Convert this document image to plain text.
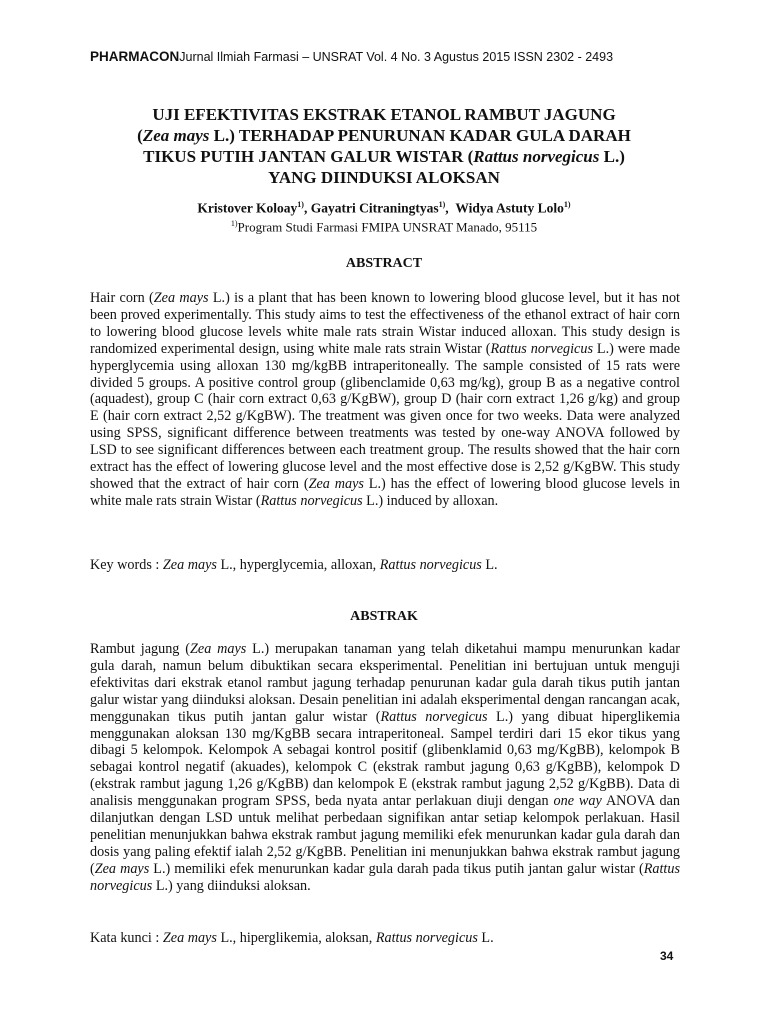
PHARMACONJurnal Ilmiah Farmasi – UNSRAT Vol. 4 No. 3 Agustus 2015 ISSN 2302 - 2493
UJI EFEKTIVITAS EKSTRAK ETANOL RAMBUT JAGUNG
(Zea mays L.) TERHADAP PENURUNAN KADAR GULA DARAH
TIKUS PUTIH JANTAN GALUR WISTAR (Rattus norvegicus L.)
YANG DIINDUKSI ALOKSAN
Kristover Koloay$^{1)}$, Gayatri Citraningtyas$^{1)}$,  Widya Astuty Lolo$^{1)}$
$^{1)}$Program Studi Farmasi FMIPA UNSRAT Manado, 95115
ABSTRACT

Hair corn (Zea mays L.) is a plant that has been known to lowering blood glucose level, but it has not been proved experimentally. This study aims to test the effectiveness of the ethanol extract of hair corn to lowering blood glucose levels white male rats strain Wistar induced alloxan. This study design is randomized experimental design, using white male rats strain Wistar (Rattus norvegicus L.) were made hyperglycemia using alloxan 130 mg/kgBB intraperitoneally. The sample consisted of 15 rats were divided 5 groups. A positive control group (glibenclamide 0,63 mg/kg), group B as a negative control (aquadest), group C (hair corn extract 0,63 g/KgBW), group D (hair corn extract 1,26 g/kg) and group E (hair corn extract 2,52 g/KgBW). The treatment was given once for two weeks. Data were analyzed using SPSS, significant difference between treatments was tested by one-way ANOVA followed by LSD to see significant differences between each treatment group. The results showed that the hair corn extract has the effect of lowering glucose level and the most effective dose is 2,52 g/KgBW. This study showed that the extract of hair corn (Zea mays L.) has the effect of lowering blood glucose levels in white male rats strain Wistar (Rattus norvegicus L.) induced by alloxan.

Key words : Zea mays L., hyperglycemia, alloxan, Rattus norvegicus L.

ABSTRAK

Rambut jagung (Zea mays L.) merupakan tanaman yang telah diketahui mampu menurunkan kadar gula darah, namun belum dibuktikan secara eksperimental. Penelitian ini bertujuan untuk menguji efektivitas dari ekstrak etanol rambut jagung terhadap penurunan kadar gula darah tikus putih jantan galur wistar yang diinduksi aloksan. Desain penelitian ini adalah eksperimental dengan rancangan acak, menggunakan tikus putih jantan galur wistar (Rattus norvegicus L.) yang dibuat hiperglikemia menggunakan aloksan 130 mg/KgBB secara intraperitoneal. Sampel terdiri dari 15 ekor tikus yang dibagi 5 kelompok. Kelompok A sebagai kontrol positif (glibenklamid 0,63 mg/KgBB), kelompok B sebagai kontrol negatif (akuades), kelompok C (ekstrak rambut jagung 0,63 g/KgBB), kelompok D (ekstrak rambut jagung 1,26 g/KgBB) dan kelompok E (ekstrak rambut jagung 2,52 g/KgBB). Data di analisis menggunakan program SPSS, beda nyata antar perlakuan diuji dengan one way ANOVA dan dilanjutkan dengan LSD untuk melihat perbedaan signifikan antar setiap kelompok perlakuan. Hasil penelitian menunjukkan bahwa ekstrak rambut jagung memiliki efek menurunkan kadar gula darah dan dosis yang paling efektif ialah 2,52 g/KgBB. Penelitian ini menunjukkan bahwa ekstrak rambut jagung (Zea mays L.) memiliki efek menurunkan kadar gula darah pada tikus putih jantan galur wistar (Rattus norvegicus L.) yang diinduksi aloksan.

Kata kunci : Zea mays L., hiperglikemia, aloksan, Rattus norvegicus L.

34
